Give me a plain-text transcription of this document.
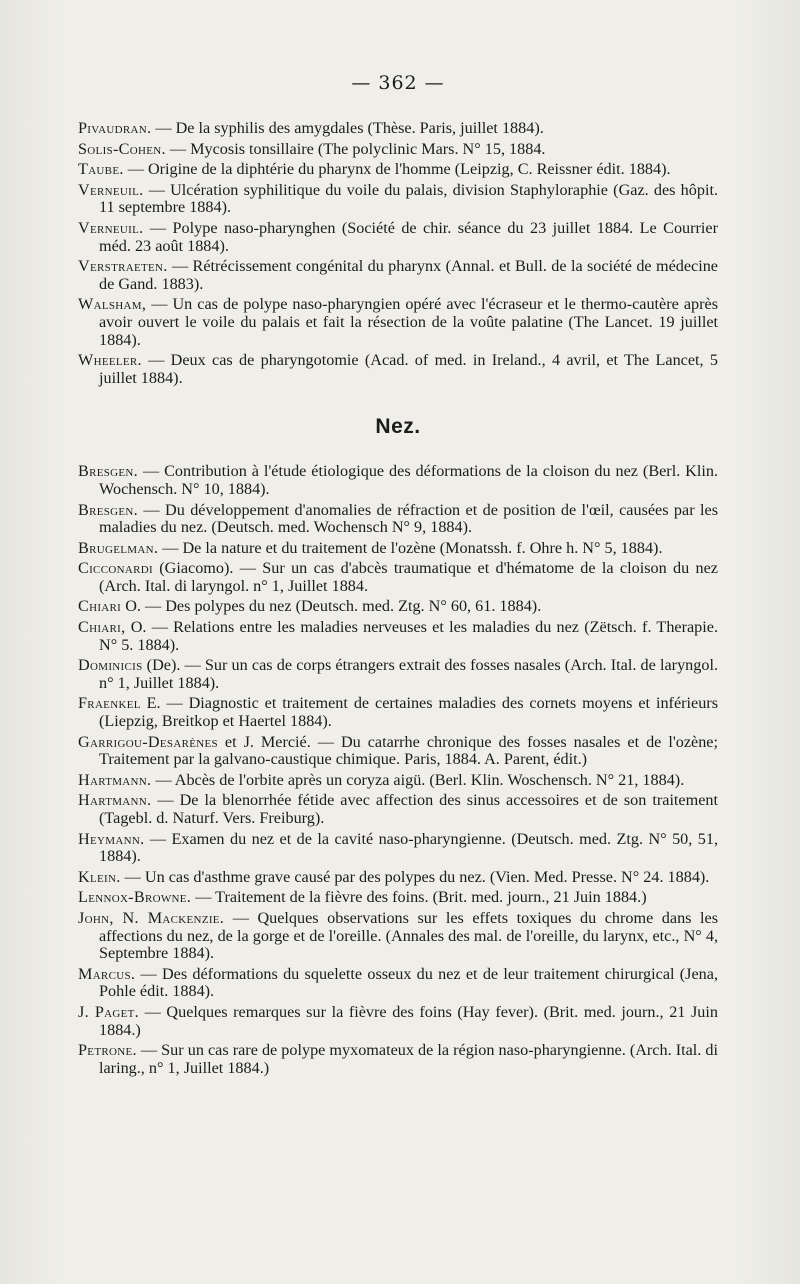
— 362 —

Pivaudran. — De la syphilis des amygdales (Thèse. Paris, juillet 1884).

Solis-Cohen. — Mycosis tonsillaire (The polyclinic Mars. N° 15, 1884.

Taube. — Origine de la diphtérie du pharynx de l'homme (Leipzig, C. Reissner édit. 1884).

Verneuil. — Ulcération syphilitique du voile du palais, division Staphyloraphie (Gaz. des hôpit. 11 septembre 1884).

Verneuil. — Polype naso-pharynghen (Société de chir. séance du 23 juillet 1884. Le Courrier méd. 23 août 1884).

Verstraeten. — Rétrécissement congénital du pharynx (Annal. et Bull. de la société de médecine de Gand. 1883).

Walsham, — Un cas de polype naso-pharyngien opéré avec l'écraseur et le thermo-cautère après avoir ouvert le voile du palais et fait la résection de la voûte palatine (The Lancet. 19 juillet 1884).

Wheeler. — Deux cas de pharyngotomie (Acad. of med. in Ireland., 4 avril, et The Lancet, 5 juillet 1884).

Nez.

Bresgen. — Contribution à l'étude étiologique des déformations de la cloison du nez (Berl. Klin. Wochensch. N° 10, 1884).

Bresgen. — Du développement d'anomalies de réfraction et de position de l'œil, causées par les maladies du nez. (Deutsch. med. Wochensch N° 9, 1884).

Brugelman. — De la nature et du traitement de l'ozène (Monatssh. f. Ohre h. N° 5, 1884).

Cicconardi (Giacomo). — Sur un cas d'abcès traumatique et d'hématome de la cloison du nez (Arch. Ital. di laryngol. n° 1, Juillet 1884.

Chiari O. — Des polypes du nez (Deutsch. med. Ztg. N° 60, 61. 1884).

Chiari, O. — Relations entre les maladies nerveuses et les maladies du nez (Zëtsch. f. Therapie. N° 5. 1884).

Dominicis (De). — Sur un cas de corps étrangers extrait des fosses nasales (Arch. Ital. de laryngol. n° 1, Juillet 1884).

Fraenkel E. — Diagnostic et traitement de certaines maladies des cornets moyens et inférieurs (Liepzig, Breitkop et Haertel 1884).

Garrigou-Desarènes et J. Mercié. — Du catarrhe chronique des fosses nasales et de l'ozène; Traitement par la galvano-caustique chimique. Paris, 1884. A. Parent, édit.)

Hartmann. — Abcès de l'orbite après un coryza aigü. (Berl. Klin. Woschensch. N° 21, 1884).

Hartmann. — De la blenorrhée fétide avec affection des sinus accessoires et de son traitement (Tagebl. d. Naturf. Vers. Freiburg).

Heymann. — Examen du nez et de la cavité naso-pharyngienne. (Deutsch. med. Ztg. N° 50, 51, 1884).

Klein. — Un cas d'asthme grave causé par des polypes du nez. (Vien. Med. Presse. N° 24. 1884).

Lennox-Browne. — Traitement de la fièvre des foins. (Brit. med. journ., 21 Juin 1884.)

John, N. Mackenzie. — Quelques observations sur les effets toxiques du chrome dans les affections du nez, de la gorge et de l'oreille. (Annales des mal. de l'oreille, du larynx, etc., N° 4, Septembre 1884).

Marcus. — Des déformations du squelette osseux du nez et de leur traitement chirurgical (Jena, Pohle édit. 1884).

J. Paget. — Quelques remarques sur la fièvre des foins (Hay fever). (Brit. med. journ., 21 Juin 1884.)

Petrone. — Sur un cas rare de polype myxomateux de la région naso-pharyngienne. (Arch. Ital. di laring., n° 1, Juillet 1884.)
